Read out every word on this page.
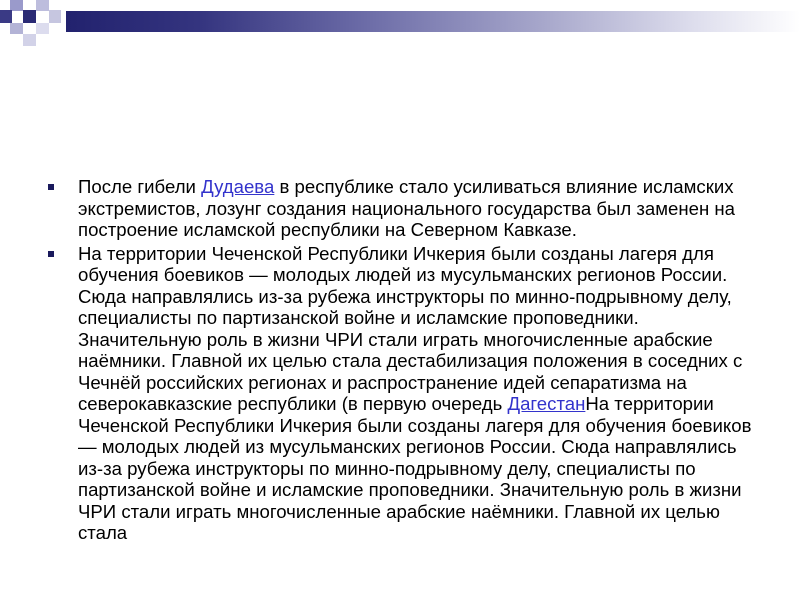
После гибели Дудаева в республике стало усиливаться влияние исламских экстремистов, лозунг создания национального государства был заменен на построение исламской республики на Северном Кавказе.
На территории Чеченской Республики Ичкерия были созданы лагеря для обучения боевиков — молодых людей из мусульманских регионов России. Сюда направлялись из-за рубежа инструкторы по минно-подрывному делу, специалисты по партизанской войне и исламские проповедники. Значительную роль в жизни ЧРИ стали играть многочисленные арабские наёмники. Главной их целью стала дестабилизация положения в соседних с Чечнёй российских регионах и распространение идей сепаратизма на северокавказские республики (в первую очередь ДагестанНа территории Чеченской Республики Ичкерия были созданы лагеря для обучения боевиков — молодых людей из мусульманских регионов России. Сюда направлялись из-за рубежа инструкторы по минно-подрывному делу, специалисты по партизанской войне и исламские проповедники. Значительную роль в жизни ЧРИ стали играть многочисленные арабские наёмники. Главной их целью стала
